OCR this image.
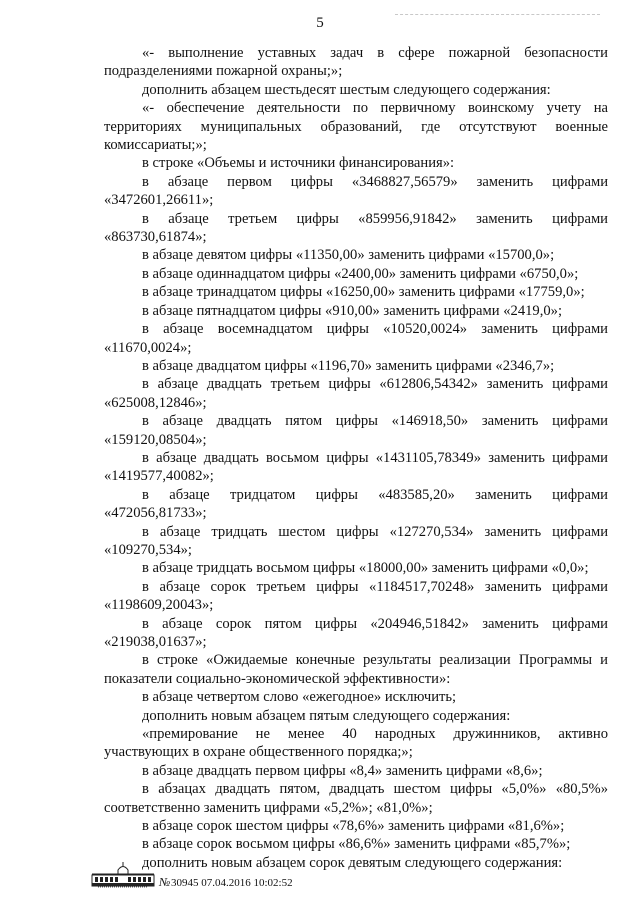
5

«- выполнение уставных задач в сфере пожарной безопасности

подразделениями пожарной охраны;»;

дополнить абзацем шестьдесят шестым следующего содержания:

«- обеспечение деятельности по первичному воинскому учету на

территориях муниципальных образований, где отсутствуют военные

комиссариаты;»;

в строке «Объемы и источники финансирования»:

в абзаце первом цифры «3468827,56579» заменить цифрами

«3472601,26611»;

в абзаце третьем цифры «859956,91842» заменить цифрами

«863730,61874»;

в абзаце девятом цифры «11350,00» заменить цифрами «15700,0»;

в абзаце одиннадцатом цифры «2400,00» заменить цифрами «6750,0»;

в абзаце тринадцатом цифры «16250,00» заменить цифрами «17759,0»;

в абзаце пятнадцатом цифры «910,00» заменить цифрами «2419,0»;

в абзаце восемнадцатом цифры «10520,0024» заменить цифрами

«11670,0024»;

в абзаце двадцатом цифры «1196,70» заменить цифрами «2346,7»;

в абзаце двадцать третьем цифры «612806,54342» заменить цифрами

«625008,12846»;

в абзаце двадцать пятом цифры «146918,50» заменить цифрами

«159120,08504»;

в абзаце двадцать восьмом цифры «1431105,78349» заменить цифрами

«1419577,40082»;

в абзаце тридцатом цифры «483585,20» заменить цифрами

«472056,81733»;

в абзаце тридцать шестом цифры «127270,534» заменить цифрами

«109270,534»;

в абзаце тридцать восьмом цифры «18000,00» заменить цифрами «0,0»;

в абзаце сорок третьем цифры «1184517,70248» заменить цифрами

«1198609,20043»;

в абзаце сорок пятом цифры «204946,51842» заменить цифрами

«219038,01637»;

в строке «Ожидаемые конечные результаты реализации Программы и

показатели социально-экономической эффективности»:

в абзаце четвертом слово «ежегодное» исключить;

дополнить новым абзацем пятым следующего содержания:

«премирование не менее 40 народных дружинников, активно

участвующих в охране общественного порядка;»;

в абзаце двадцать первом цифры «8,4» заменить цифрами «8,6»;

в абзацах двадцать пятом, двадцать шестом цифры «5,0%» «80,5%»

соответственно заменить цифрами «5,2%»; «81,0%»;

в абзаце сорок шестом цифры «78,6%» заменить цифрами «81,6%»;

в абзаце сорок восьмом цифры «86,6%» заменить цифрами «85,7%»;

дополнить новым абзацем сорок девятым следующего содержания:

№ 30945 07.04.2016 10:02:52
